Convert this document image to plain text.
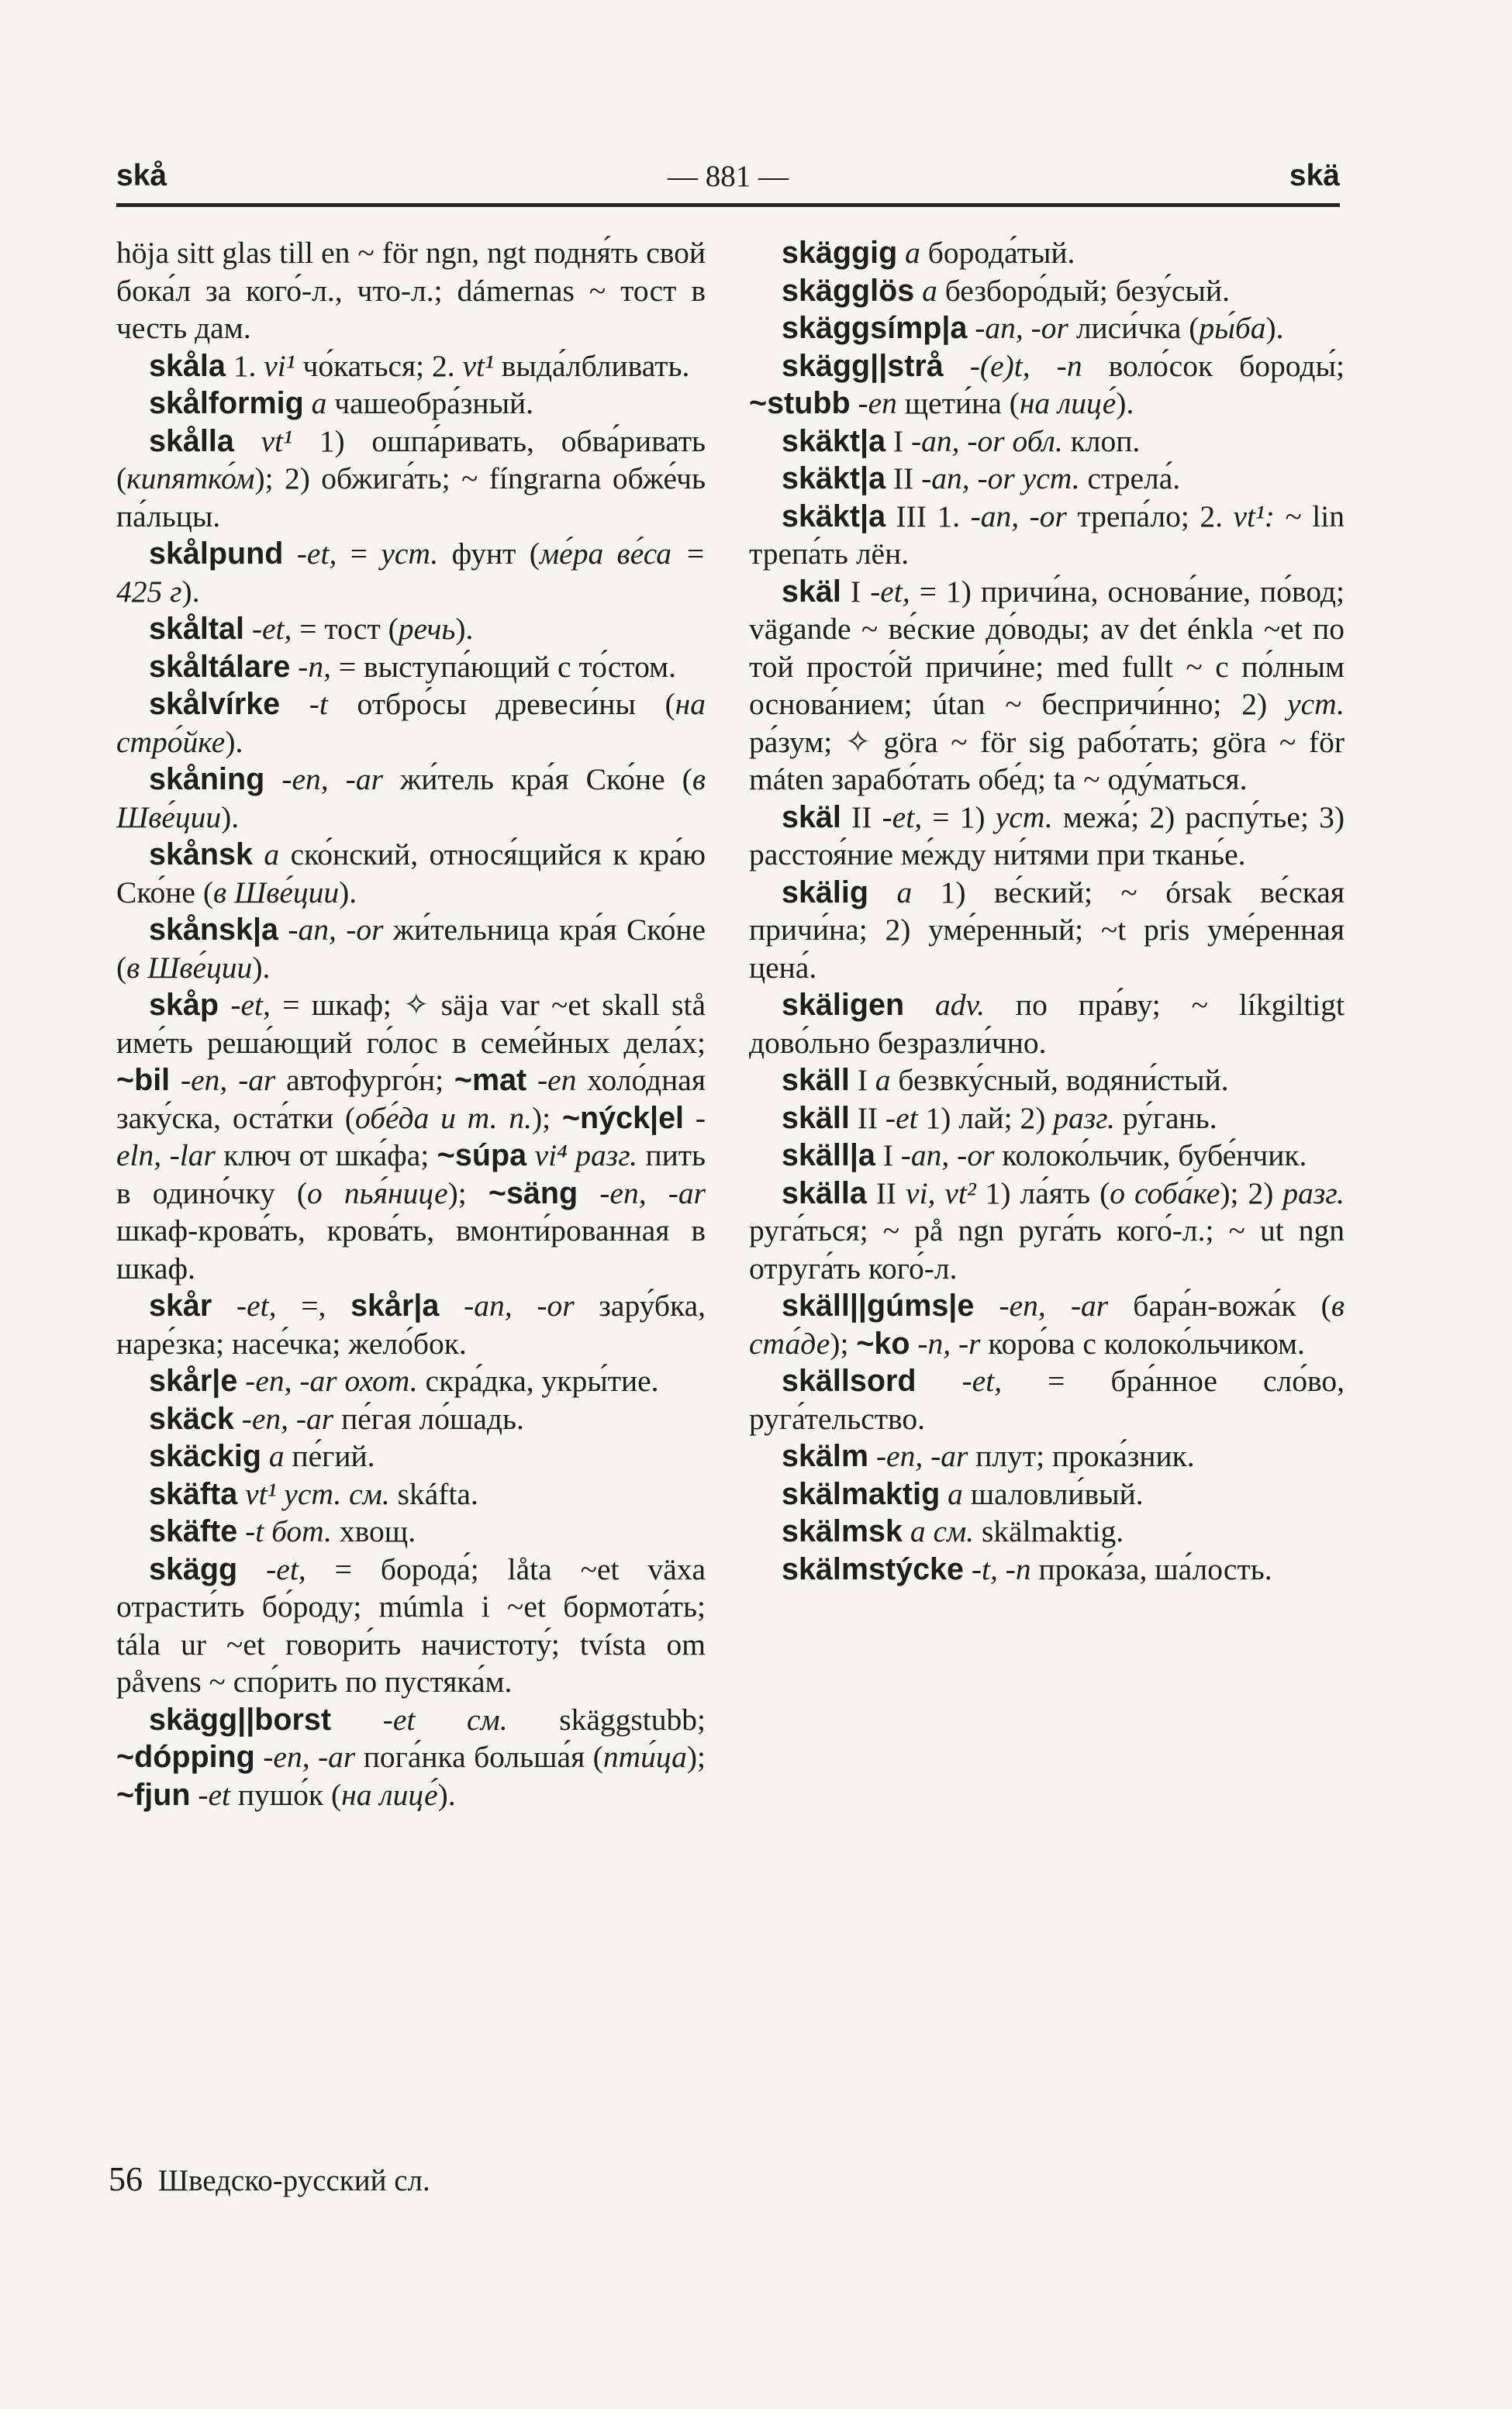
skå	— 881 —	skä

höja sitt glas till en ~ för ngn, ngt подня́ть свой бока́л за кого́-л., что-л.; dámernas ~ тост в честь дам.

skåla 1. vi¹ чо́каться; 2. vt¹ выда́лбливать.

skålformig a чашеобра́зный.

skålla vt¹ 1) ошпа́ривать, обва́ривать (кипятко́м); 2) обжига́ть; ~ fíngrarna обже́чь па́льцы.

skålpund -et, = уст. фунт (ме́ра ве́са = 425 г).

skåltal -et, = тост (речь).

skåltálare -n, = выступа́ющий с то́стом.

skålvírke -t отбро́сы древеси́ны (на стро́йке).

skåning -en, -ar жи́тель кра́я Ско́не (в Шве́ции).

skånsk a ско́нский, относя́щийся к кра́ю Ско́не (в Шве́ции).

skånsk|a -an, -or жи́тельница кра́я Ско́не (в Шве́ции).

skåp -et, = шкаф; ✧ säja var ~et skall stå име́ть реша́ющий го́лос в семе́йных дела́х; ~bil -en, -ar автофурго́н; ~mat -en холо́дная заку́ска, оста́тки (обе́да и т. п.); ~nýck|el -eln, -lar ключ от шка́фа; ~súpa vi⁴ разг. пить в одино́чку (о пья́нице); ~säng -en, -ar шкаф-крова́ть, крова́ть, вмонти́рованная в шкаф.

skår -et, =, skår|a -an, -or зару́бка, наре́зка; насе́чка; жело́бок.

skår|e -en, -ar охот. скра́дка, укры́тие.

skäck -en, -ar пе́гая ло́шадь.

skäckig a пе́гий.

skäfta vt¹ уст. см. skáfta.

skäfte -t бот. хвощ.

skägg -et, = борода́; låta ~et växa отрасти́ть бо́роду; múmla i ~et бормота́ть; tála ur ~et говори́ть начистоту́; tvísta om påvens ~ спо́рить по пустяка́м.

skägg||borst -et см. skäggstubb; ~dópping -en, -ar пога́нка больша́я (пти́ца); ~fjun -et пушо́к (на лице́).

skäggig a борода́тый.

skägglös a безборо́дый; безу́сый.

skäggsímp|a -an, -or лиси́чка (ры́ба).

skägg||strå -(e)t, -n воло́сок бороды́; ~stubb -en щети́на (на лице́).

skäkt|a I -an, -or обл. клоп.

skäkt|a II -an, -or уст. стрела́.

skäkt|a III 1. -an, -or трепа́ло; 2. vt¹: ~ lin трепа́ть лён.

skäl I -et, = 1) причи́на, основа́ние, по́вод; vägande ~ ве́ские до́воды; av det énkla ~et по той просто́й причи́не; med fullt ~ с по́лным основа́нием; útan ~ беспричи́нно; 2) уст. ра́зум; ✧ göra ~ för sig рабо́тать; göra ~ för máten зарабо́тать обе́д; ta ~ оду́маться.

skäl II -et, = 1) уст. межа́; 2) распу́тье; 3) расстоя́ние ме́жду ни́тями при ткань́е.

skälig a 1) ве́ский; ~ órsak ве́ская причи́на; 2) уме́ренный; ~t pris уме́ренная цена́.

skäligen adv. по пра́ву; ~ líkgiltigt дово́льно безразли́чно.

skäll I a безвку́сный, водяни́стый.

skäll II -et 1) лай; 2) разг. ру́гань.

skäll|a I -an, -or колоко́льчик, бубе́нчик.

skälla II vi, vt² 1) ла́ять (о соба́ке); 2) разг. руга́ться; ~ på ngn руга́ть кого́-л.; ~ ut ngn отруга́ть кого́-л.

skäll||gúms|e -en, -ar бара́н-вожа́к (в ста́де); ~ko -n, -r коро́ва с колоко́льчиком.

skällsord -et, = бра́нное сло́во, руга́тельство.

skälm -en, -ar плут; прока́зник.

skälmaktig a шаловли́вый.

skälmsk a см. skälmaktig.

skälmstýcke -t, -n прока́за, ша́лость.

56 Шведско-русский сл.
